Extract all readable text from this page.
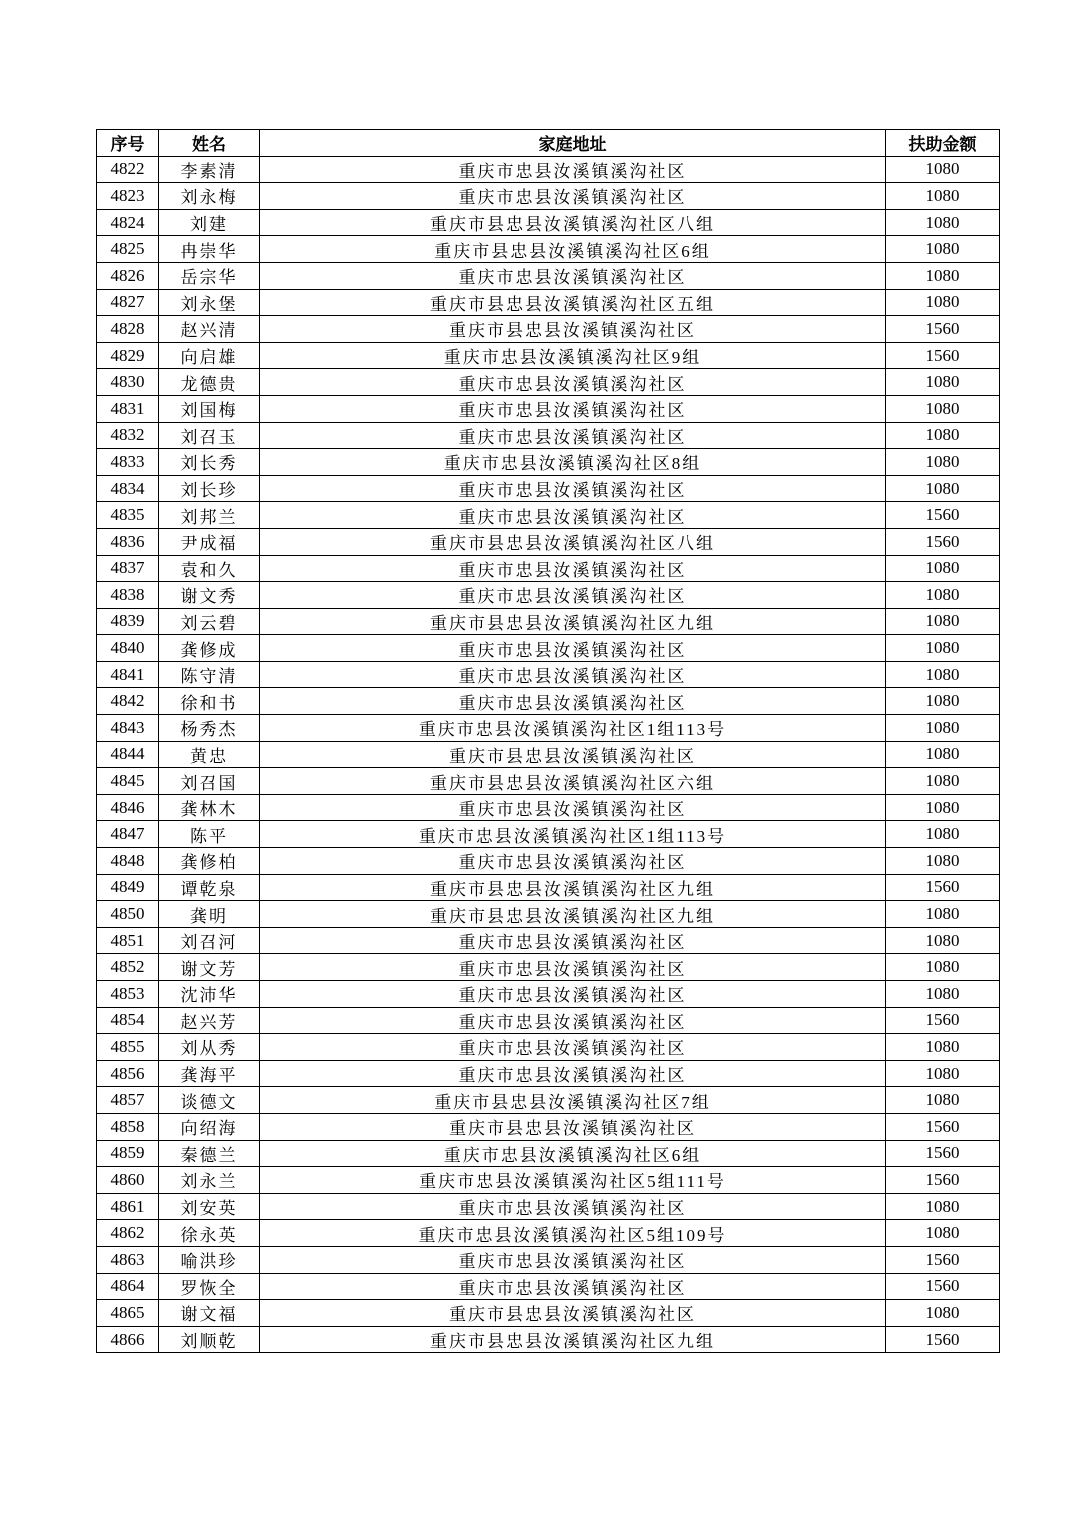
序号	姓名	家庭地址	扶助金额
4822	李素清	重庆市忠县汝溪镇溪沟社区	1080
4823	刘永梅	重庆市忠县汝溪镇溪沟社区	1080
4824	刘建	重庆市县忠县汝溪镇溪沟社区八组	1080
4825	冉崇华	重庆市县忠县汝溪镇溪沟社区6组	1080
4826	岳宗华	重庆市忠县汝溪镇溪沟社区	1080
4827	刘永堡	重庆市县忠县汝溪镇溪沟社区五组	1080
4828	赵兴清	重庆市县忠县汝溪镇溪沟社区	1560
4829	向启雄	重庆市忠县汝溪镇溪沟社区9组	1560
4830	龙德贵	重庆市忠县汝溪镇溪沟社区	1080
4831	刘国梅	重庆市忠县汝溪镇溪沟社区	1080
4832	刘召玉	重庆市忠县汝溪镇溪沟社区	1080
4833	刘长秀	重庆市忠县汝溪镇溪沟社区8组	1080
4834	刘长珍	重庆市忠县汝溪镇溪沟社区	1080
4835	刘邦兰	重庆市忠县汝溪镇溪沟社区	1560
4836	尹成福	重庆市县忠县汝溪镇溪沟社区八组	1560
4837	袁和久	重庆市忠县汝溪镇溪沟社区	1080
4838	谢文秀	重庆市忠县汝溪镇溪沟社区	1080
4839	刘云碧	重庆市县忠县汝溪镇溪沟社区九组	1080
4840	龚修成	重庆市忠县汝溪镇溪沟社区	1080
4841	陈守清	重庆市忠县汝溪镇溪沟社区	1080
4842	徐和书	重庆市忠县汝溪镇溪沟社区	1080
4843	杨秀杰	重庆市忠县汝溪镇溪沟社区1组113号	1080
4844	黄忠	重庆市县忠县汝溪镇溪沟社区	1080
4845	刘召国	重庆市县忠县汝溪镇溪沟社区六组	1080
4846	龚林木	重庆市忠县汝溪镇溪沟社区	1080
4847	陈平	重庆市忠县汝溪镇溪沟社区1组113号	1080
4848	龚修柏	重庆市忠县汝溪镇溪沟社区	1080
4849	谭乾泉	重庆市县忠县汝溪镇溪沟社区九组	1560
4850	龚明	重庆市县忠县汝溪镇溪沟社区九组	1080
4851	刘召河	重庆市忠县汝溪镇溪沟社区	1080
4852	谢文芳	重庆市忠县汝溪镇溪沟社区	1080
4853	沈沛华	重庆市忠县汝溪镇溪沟社区	1080
4854	赵兴芳	重庆市忠县汝溪镇溪沟社区	1560
4855	刘从秀	重庆市忠县汝溪镇溪沟社区	1080
4856	龚海平	重庆市忠县汝溪镇溪沟社区	1080
4857	谈德文	重庆市县忠县汝溪镇溪沟社区7组	1080
4858	向绍海	重庆市县忠县汝溪镇溪沟社区	1560
4859	秦德兰	重庆市忠县汝溪镇溪沟社区6组	1560
4860	刘永兰	重庆市忠县汝溪镇溪沟社区5组111号	1560
4861	刘安英	重庆市忠县汝溪镇溪沟社区	1080
4862	徐永英	重庆市忠县汝溪镇溪沟社区5组109号	1080
4863	喻洪珍	重庆市忠县汝溪镇溪沟社区	1560
4864	罗恢全	重庆市忠县汝溪镇溪沟社区	1560
4865	谢文福	重庆市县忠县汝溪镇溪沟社区	1080
4866	刘顺乾	重庆市县忠县汝溪镇溪沟社区九组	1560
